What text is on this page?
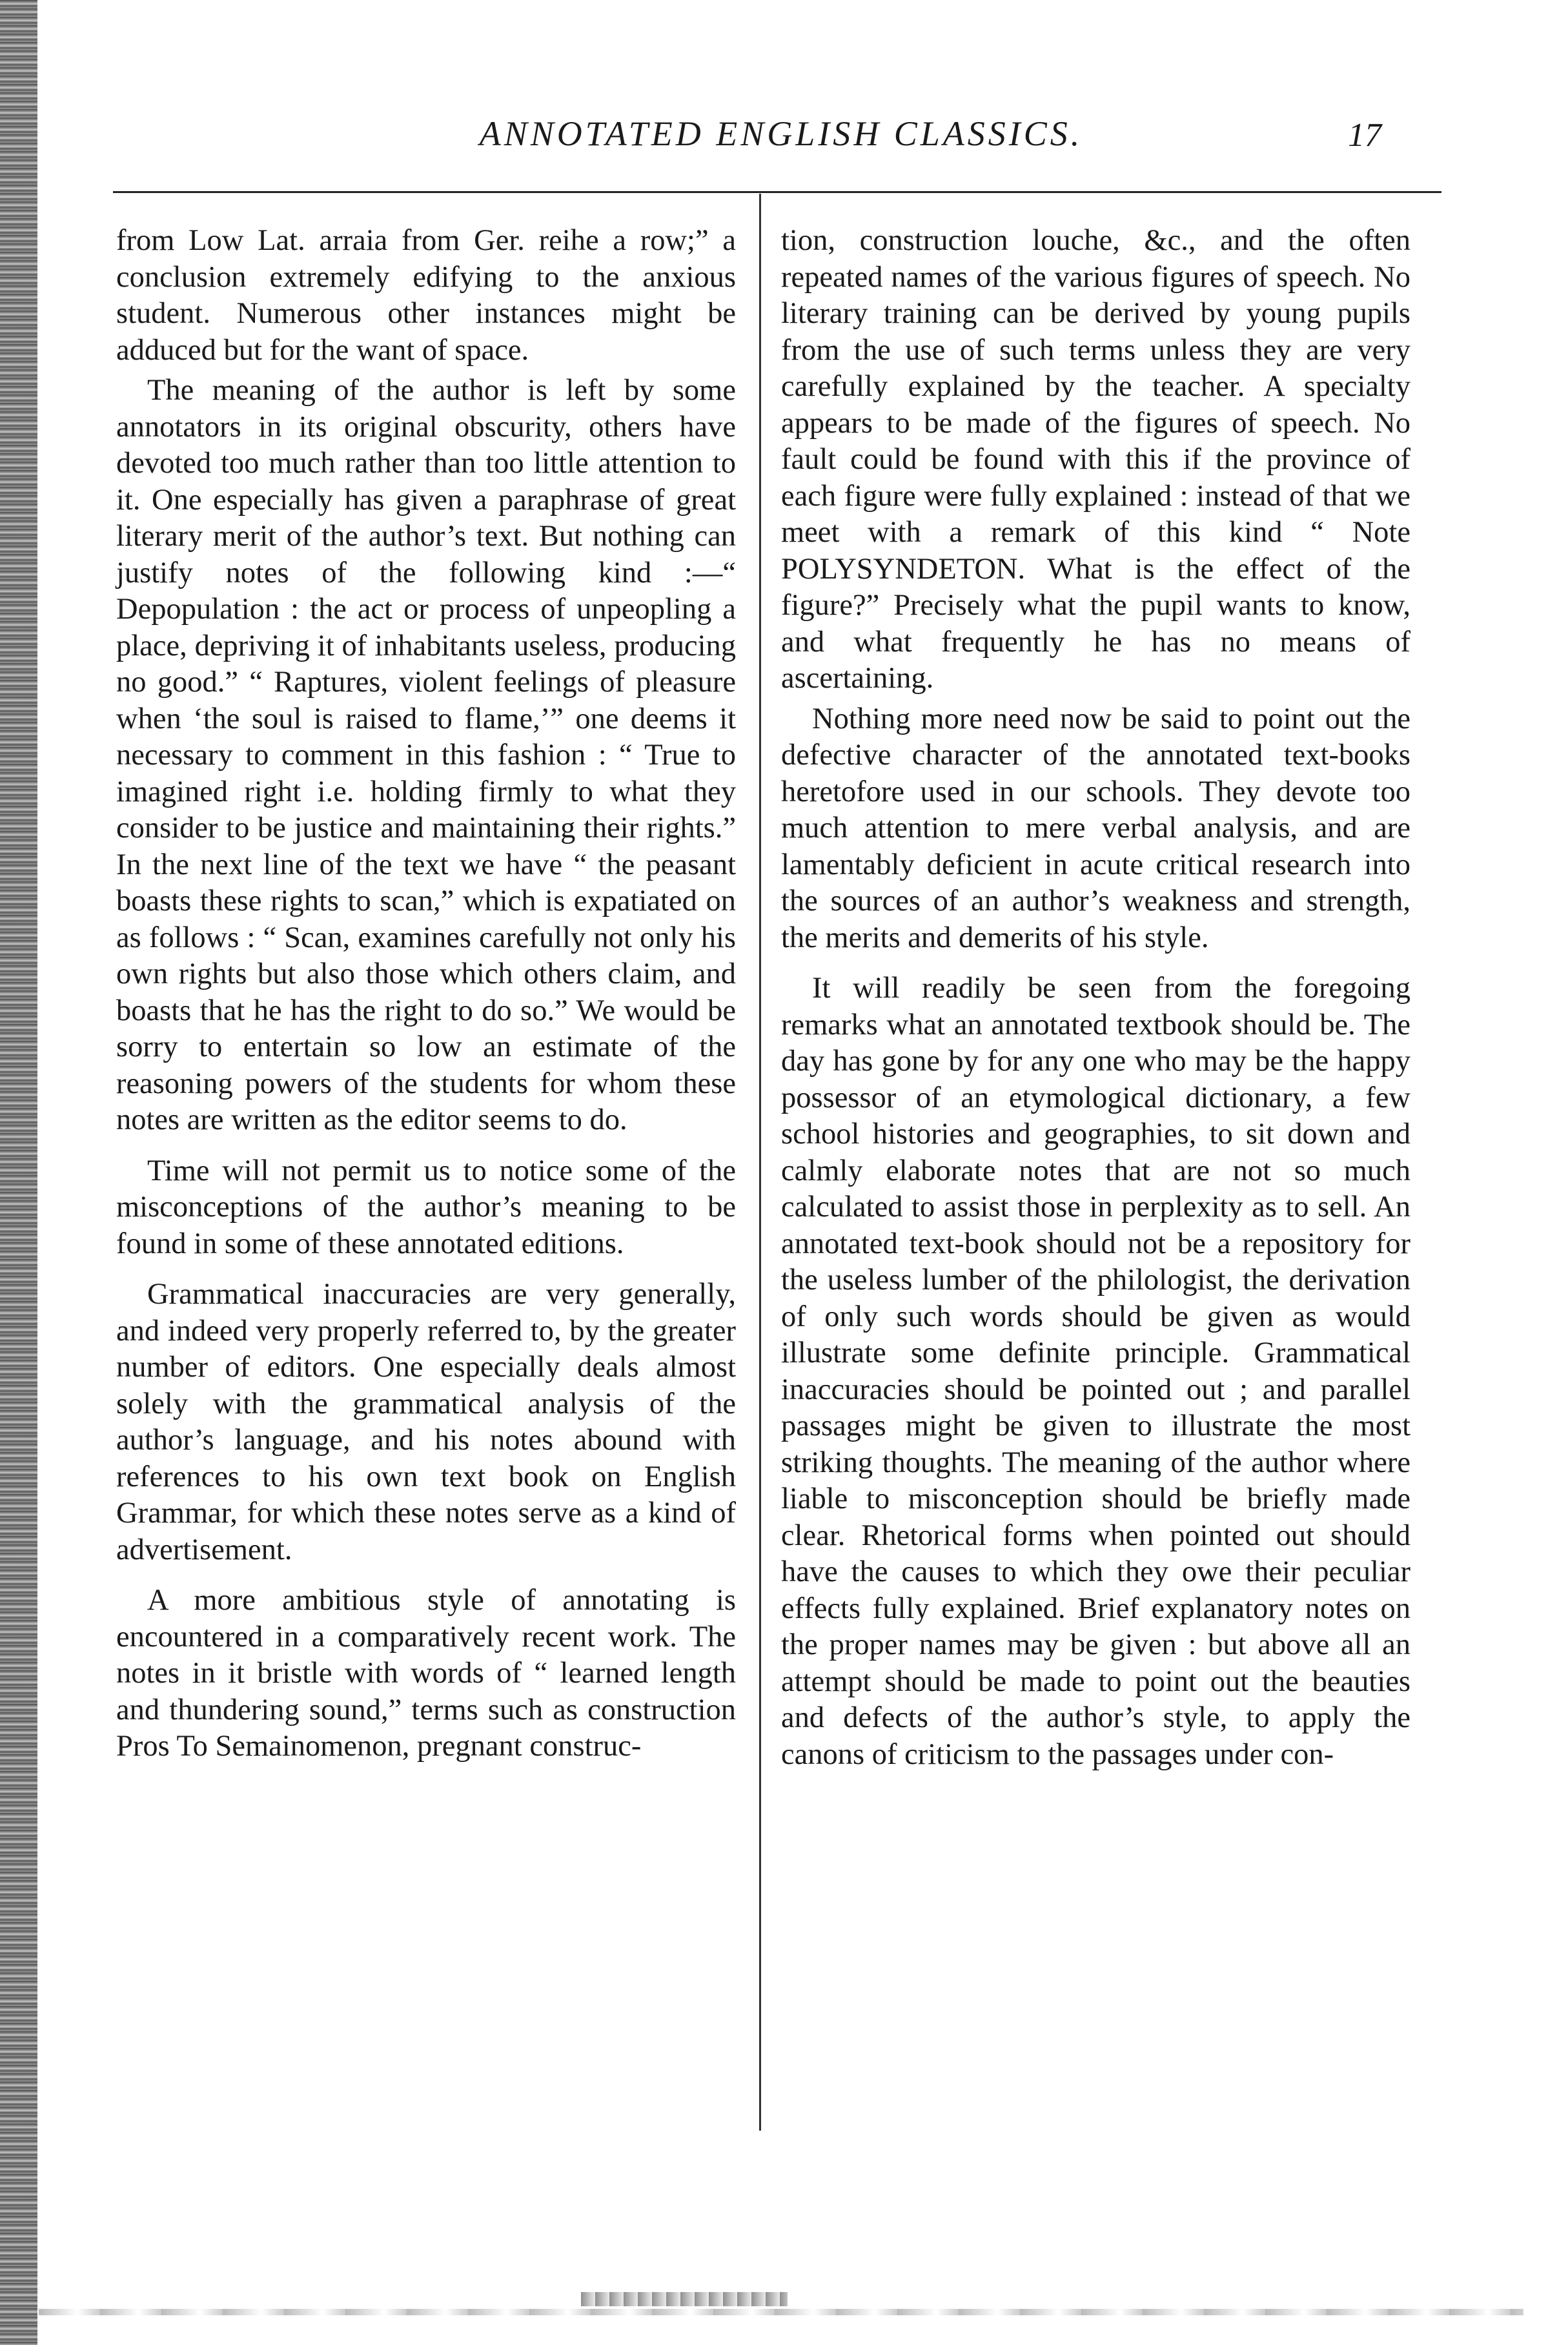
ANNOTATED ENGLISH CLASSICS.	17

from Low Lat. arraia from Ger. reihe a row;” a conclusion extremely edifying to the anxious student. Numerous other instances might be adduced but for the want of space.

The meaning of the author is left by some annotators in its original obscurity, others have devoted too much rather than too little attention to it. One especially has given a paraphrase of great literary merit of the author’s text. But nothing can justify notes of the following kind :—“ Depopulation : the act or process of unpeopling a place, depriving it of inhabitants useless, producing no good.” “ Raptures, violent feelings of pleasure when ‘the soul is raised to flame,’” one deems it necessary to comment in this fashion : “ True to imagined right i.e. holding firmly to what they consider to be justice and maintaining their rights.” In the next line of the text we have “ the peasant boasts these rights to scan,” which is expatiated on as follows : “ Scan, examines carefully not only his own rights but also those which others claim, and boasts that he has the right to do so.” We would be sorry to entertain so low an estimate of the reasoning powers of the students for whom these notes are written as the editor seems to do.

Time will not permit us to notice some of the misconceptions of the author’s meaning to be found in some of these annotated editions.

Grammatical inaccuracies are very generally, and indeed very properly referred to, by the greater number of editors. One especially deals almost solely with the grammatical analysis of the author’s language, and his notes abound with references to his own text book on English Grammar, for which these notes serve as a kind of advertisement.

A more ambitious style of annotating is encountered in a comparatively recent work. The notes in it bristle with words of “ learned length and thundering sound,” terms such as construction Pros To Semainomenon, pregnant construc-

tion, construction louche, &c., and the often repeated names of the various figures of speech. No literary training can be derived by young pupils from the use of such terms unless they are very carefully explained by the teacher. A specialty appears to be made of the figures of speech. No fault could be found with this if the province of each figure were fully explained : instead of that we meet with a remark of this kind “ Note POLYSYNDETON. What is the effect of the figure?” Precisely what the pupil wants to know, and what frequently he has no means of ascertaining.

Nothing more need now be said to point out the defective character of the annotated text-books heretofore used in our schools. They devote too much attention to mere verbal analysis, and are lamentably deficient in acute critical research into the sources of an author’s weakness and strength, the merits and demerits of his style.

It will readily be seen from the foregoing remarks what an annotated textbook should be. The day has gone by for any one who may be the happy possessor of an etymological dictionary, a few school histories and geographies, to sit down and calmly elaborate notes that are not so much calculated to assist those in perplexity as to sell. An annotated text-book should not be a repository for the useless lumber of the philologist, the derivation of only such words should be given as would illustrate some definite principle. Grammatical inaccuracies should be pointed out ; and parallel passages might be given to illustrate the most striking thoughts. The meaning of the author where liable to misconception should be briefly made clear. Rhetorical forms when pointed out should have the causes to which they owe their peculiar effects fully explained. Brief explanatory notes on the proper names may be given : but above all an attempt should be made to point out the beauties and defects of the author’s style, to apply the canons of criticism to the passages under con-
